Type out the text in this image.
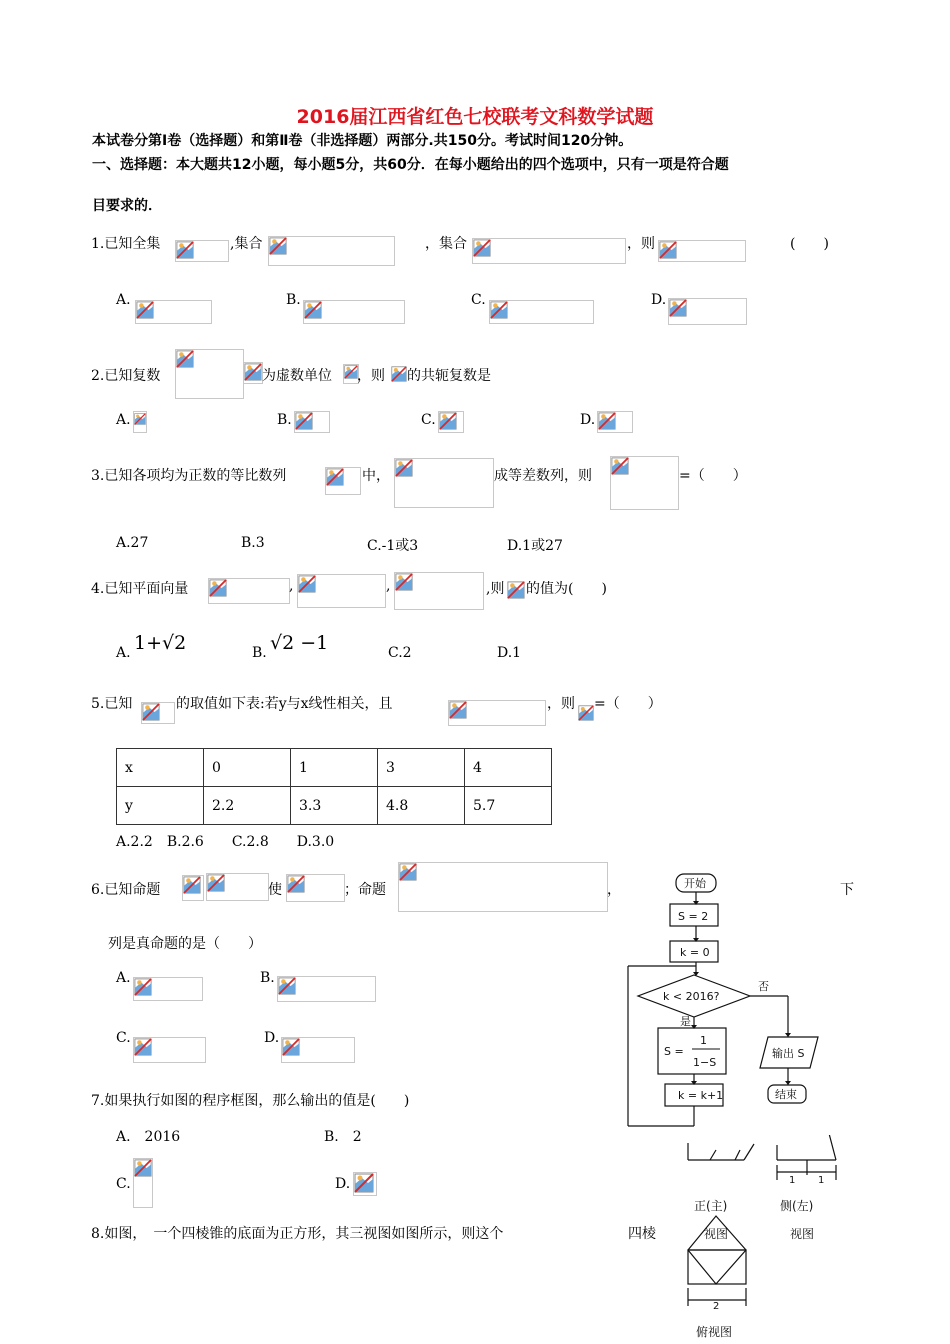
2016届江西省红色七校联考文科数学试题
本试卷分第Ⅰ卷（选择题）和第Ⅱ卷（非选择题）两部分.共150分。考试时间120分钟。
一、选择题：本大题共12小题，每小题5分，共60分．在每小题给出的四个选项中，只有一项是符合题
目要求的．
1.已知全集	,集合	，集合	，则	(　　)
A.	B.	C.	D.
2.已知复数	为虚数单位 ，则 的共轭复数是
A.	B.	C.	D.
3.已知各项均为正数的等比数列	中，	成等差数列，则	=（　　）
A.27	B.3	C.-1或3	D.1或27
4.已知平面向量	,	,	,则 的值为(　　)
A. 1+√2	B. √2 −1	C.2	D.1
5.已知	的取值如下表:若y与x线性相关，且	，则 =（　　）
x	0	1	3	4
y	2.2	3.3	4.8	5.7
A.2.2　B.2.6　　C.2.8　　D.3.0
6.已知命题	使	；命题	，	下
列是真命题的是（　　）
A.	B.
C.	D.
7.如果执行如图的程序框图，那么输出的值是(　　)
A.　2016	B.　2
C.	D.
8.如图，　一个四棱锥的底面为正方形，其三视图如图所示，则这个	四棱
开始
S = 2
k = 0
k < 2016?
否
是
S =
1
1−S
输出 S
k = k+1	结束
正(主)
视图
侧(左)
视图
俯视图
1 1
2
